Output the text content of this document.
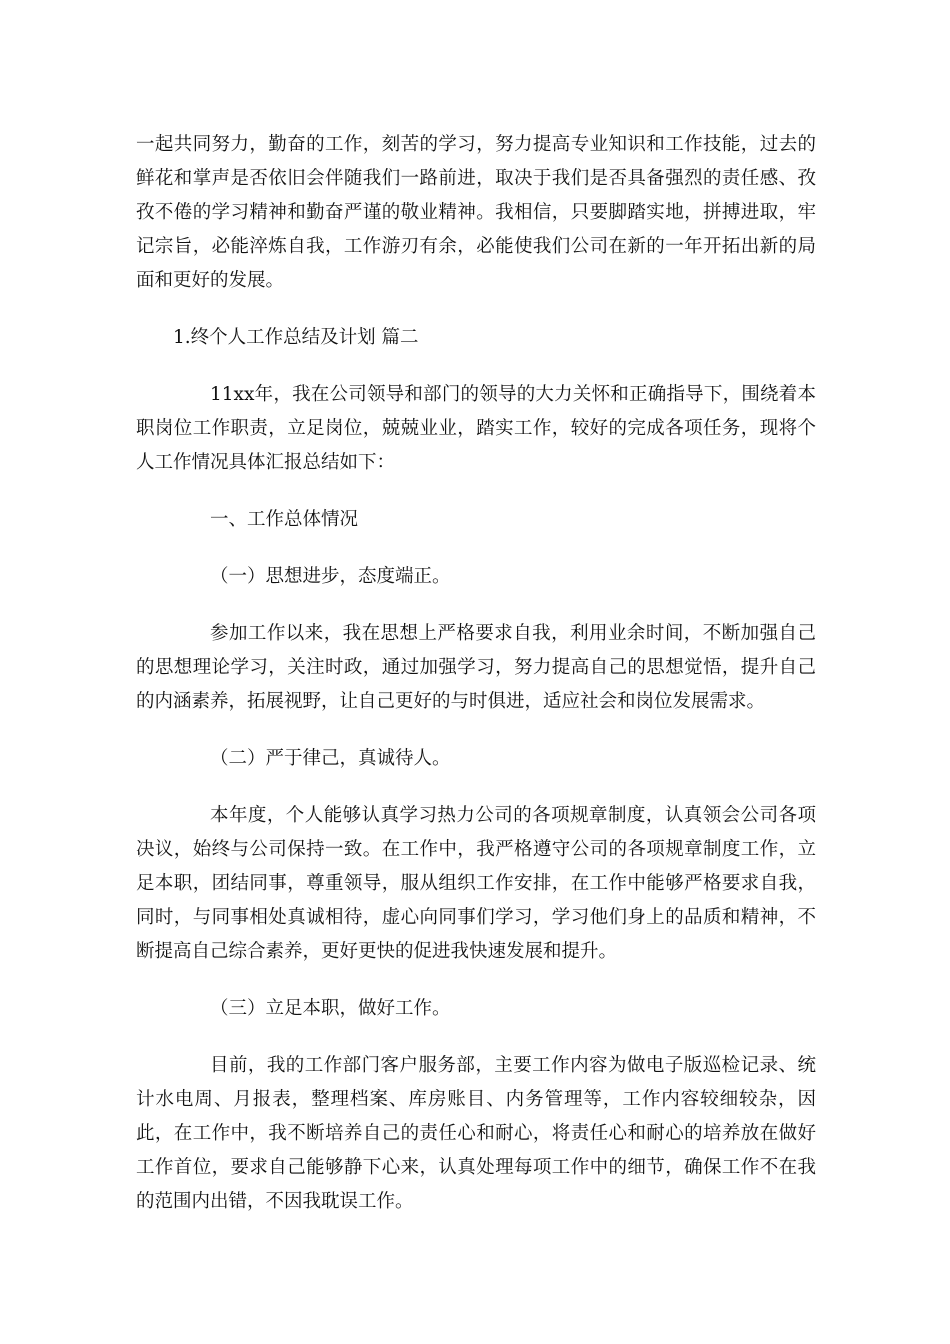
一起共同努力，勤奋的工作，刻苦的学习，努力提高专业知识和工作技能，过去的鲜花和掌声是否依旧会伴随我们一路前进，取决于我们是否具备强烈的责任感、孜孜不倦的学习精神和勤奋严谨的敬业精神。我相信，只要脚踏实地，拼搏进取，牢记宗旨，必能淬炼自我，工作游刃有余，必能使我们公司在新的一年开拓出新的局面和更好的发展。

1.终个人工作总结及计划 篇二

11xx年，我在公司领导和部门的领导的大力关怀和正确指导下，围绕着本职岗位工作职责，立足岗位，兢兢业业，踏实工作，较好的完成各项任务，现将个人工作情况具体汇报总结如下：

一、工作总体情况

（一）思想进步，态度端正。

参加工作以来，我在思想上严格要求自我，利用业余时间，不断加强自己的思想理论学习，关注时政，通过加强学习，努力提高自己的思想觉悟，提升自己的内涵素养，拓展视野，让自己更好的与时俱进，适应社会和岗位发展需求。

（二）严于律己，真诚待人。

本年度，个人能够认真学习热力公司的各项规章制度，认真领会公司各项决议，始终与公司保持一致。在工作中，我严格遵守公司的各项规章制度工作，立足本职，团结同事，尊重领导，服从组织工作安排，在工作中能够严格要求自我，同时，与同事相处真诚相待，虚心向同事们学习，学习他们身上的品质和精神，不断提高自己综合素养，更好更快的促进我快速发展和提升。

（三）立足本职，做好工作。

目前，我的工作部门客户服务部，主要工作内容为做电子版巡检记录、统计水电周、月报表，整理档案、库房账目、内务管理等，工作内容较细较杂，因此，在工作中，我不断培养自己的责任心和耐心，将责任心和耐心的培养放在做好工作首位，要求自己能够静下心来，认真处理每项工作中的细节，确保工作不在我的范围内出错，不因我耽误工作。
